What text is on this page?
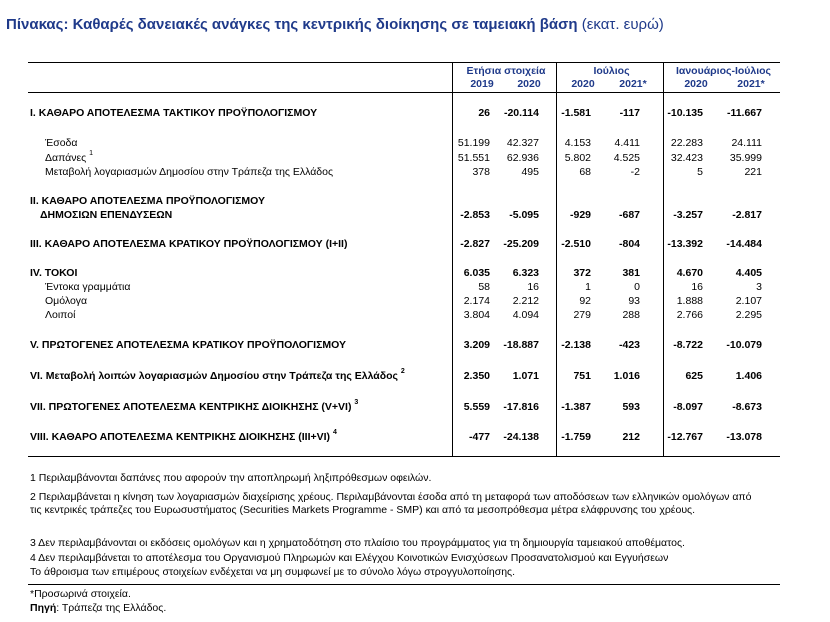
Πίνακας: Καθαρές δανειακές ανάγκες της κεντρικής διοίκησης σε ταμειακή βάση (εκατ. ευρώ)
Ετήσια στοιχεία	Ιούλιος	Ιανουάριος-Ιούλιος
2019	2020	2020	2021*	2020	2021*
I. ΚΑΘΑΡΟ ΑΠΟΤΕΛΕΣΜΑ ΤΑΚΤΙΚΟΥ ΠΡΟΫΠΟΛΟΓΙΣΜΟΥ	26 -20.114 -1.581	-117	-10.135 -11.667
Έσοδα	51.199 42.327 4.153 4.411	22.283	24.111
Δαπάνες $^1$	51.551 62.936 5.802 4.525	32.423	35.999
Μεταβολή λογαριασμών Δημοσίου στην Τράπεζα της Ελλάδος	378	495	68	-2	5	221
II. ΚΑΘΑΡΟ ΑΠΟΤΕΛΕΣΜΑ ΠΡΟΫΠΟΛΟΓΙΣΜΟΥ
ΔΗΜΟΣΙΩΝ ΕΠΕΝΔΥΣΕΩΝ	-2.853 -5.095	-929	-687	-3.257	-2.817
III. ΚΑΘΑΡΟ ΑΠΟΤΕΛΕΣΜΑ ΚΡΑΤΙΚΟΥ ΠΡΟΫΠΟΛΟΓΙΣΜΟΥ (I+II)	-2.827 -25.209 -2.510	-804	-13.392 -14.484
IV. ΤΟΚΟΙ	6.035 6.323	372	381	4.670	4.405
Έντοκα γραμμάτια	58	16	1	0	16	3
Ομόλογα	2.174 2.212	92	93	1.888	2.107
Λοιποί	3.804 4.094	279	288	2.766	2.295
V. ΠΡΩΤΟΓΕΝΕΣ ΑΠΟΤΕΛΕΣΜΑ ΚΡΑΤΙΚΟΥ ΠΡΟΫΠΟΛΟΓΙΣΜΟΥ	3.209 -18.887 -2.138	-423	-8.722 -10.079
VI. Μεταβολή λοιπών λογαριασμών Δημοσίου στην Τράπεζα της Ελλάδος $^2$	2.350 1.071	751 1.016	625	1.406
VII. ΠΡΩΤΟΓΕΝΕΣ ΑΠΟΤΕΛΕΣΜΑ ΚΕΝΤΡΙΚΗΣ ΔΙΟΙΚΗΣΗΣ (V+VI) $^3$	5.559 -17.816 -1.387	593	-8.097	-8.673
VIII. ΚΑΘΑΡΟ ΑΠΟΤΕΛΕΣΜΑ ΚΕΝΤΡΙΚΗΣ ΔΙΟΙΚΗΣΗΣ (III+VI) $^4$	-477 -24.138 -1.759	212	-12.767 -13.078
1 Περιλαμβάνονται δαπάνες που αφορούν την αποπληρωμή ληξιπρόθεσμων οφειλών.
2 Περιλαμβάνεται η κίνηση των λογαριασμών διαχείρισης χρέους. Περιλαμβάνονται έσοδα από τη μεταφορά των αποδόσεων των ελληνικών ομολόγων από τις κεντρικές τράπεζες του Ευρωσυστήματος (Securities Markets Programme - SMP) και από τα μεσοπρόθεσμα μέτρα ελάφρυνσης του χρέους.
3 Δεν περιλαμβάνονται οι εκδόσεις ομολόγων και η χρηματοδότηση στο πλαίσιο του προγράμματος για τη δημιουργία ταμειακού αποθέματος.
4 Δεν περιλαμβάνεται το αποτέλεσμα του Οργανισμού Πληρωμών και Ελέγχου Κοινοτικών Ενισχύσεων Προσανατολισμού και Εγγυήσεων
Το άθροισμα των επιμέρους στοιχείων ενδέχεται να μη συμφωνεί με το σύνολο λόγω στρογγυλοποίησης.
*Προσωρινά στοιχεία.
Πηγή: Τράπεζα της Ελλάδος.
